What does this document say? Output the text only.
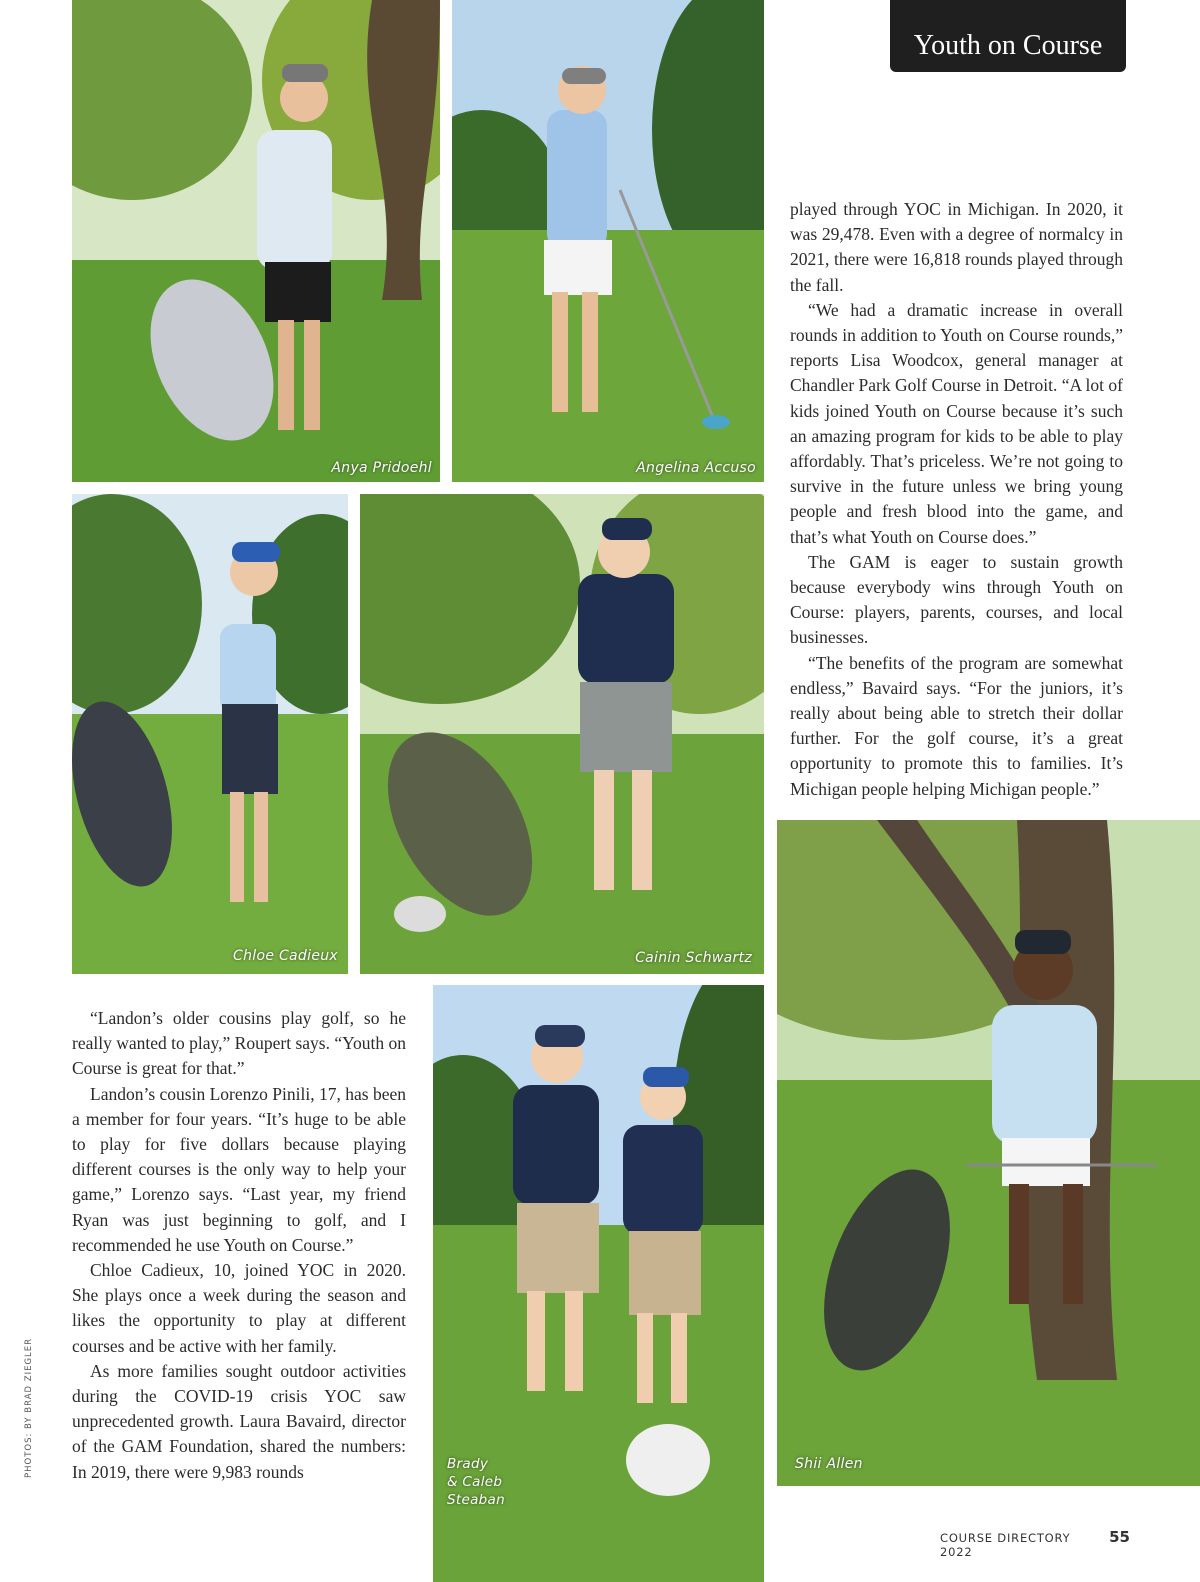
Youth on Course
Anya Pridoehl	Angelina Accuso
Chloe Cadieux	Cainin Schwartz
Brady
& Caleb
Steaban
Shii Allen

played through YOC in Michigan. In 2020, it was 29,478. Even with a degree of normalcy in 2021, there were 16,818 rounds played through the fall.

“We had a dramatic increase in overall rounds in addition to Youth on Course rounds,” reports Lisa Woodcox, general manager at Chandler Park Golf Course in Detroit. “A lot of kids joined Youth on Course because it’s such an amazing program for kids to be able to play affordably. That’s priceless. We’re not going to survive in the future unless we bring young people and fresh blood into the game, and that’s what Youth on Course does.”

The GAM is eager to sustain growth because everybody wins through Youth on Course: players, parents, courses, and local businesses.

“The benefits of the program are somewhat endless,” Bavaird says. “For the juniors, it’s really about being able to stretch their dollar further. For the golf course, it’s a great opportunity to promote this to families. It’s Michigan people helping Michigan people.”

“Landon’s older cousins play golf, so he really wanted to play,” Roupert says. “Youth on Course is great for that.”

Landon’s cousin Lorenzo Pinili, 17, has been a member for four years. “It’s huge to be able to play for five dollars because playing different courses is the only way to help your game,” Lorenzo says. “Last year, my friend Ryan was just beginning to golf, and I recommended he use Youth on Course.”

Chloe Cadieux, 10, joined YOC in 2020. She plays once a week during the season and likes the opportunity to play at different courses and be active with her family.

As more families sought outdoor activities during the COVID-19 crisis YOC saw unprecedented growth. Laura Bavaird, director of the GAM Foundation, shared the numbers: In 2019, there were 9,983 rounds

PHOTOS: BY BRAD ZIEGLER
COURSE DIRECTORY 2022
55
